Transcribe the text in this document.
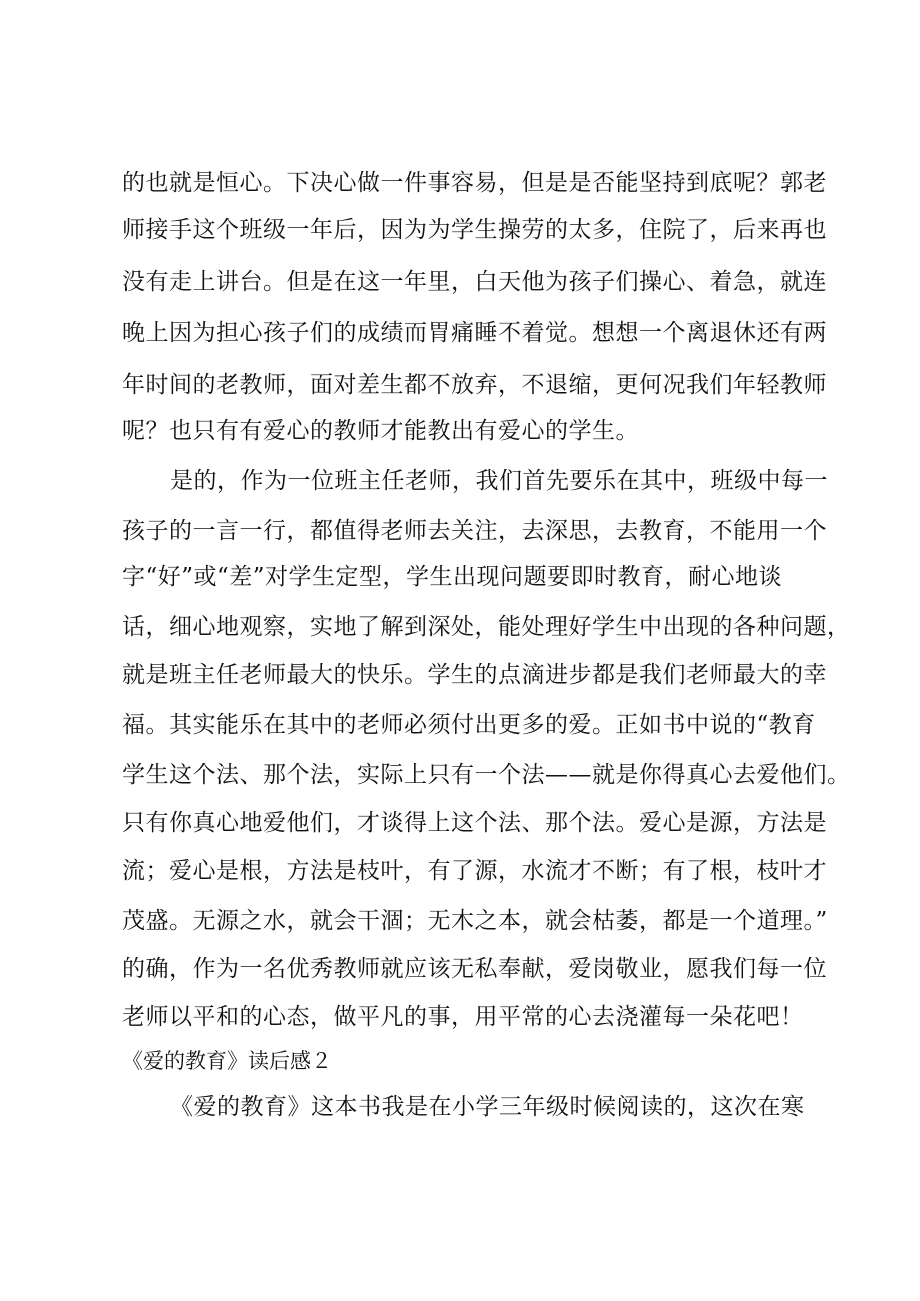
的也就是恒心。下决心做一件事容易，但是是否能坚持到底呢？郭老
师接手这个班级一年后，因为为学生操劳的太多，住院了，后来再也
没有走上讲台。但是在这一年里，白天他为孩子们操心、着急，就连
晚上因为担心孩子们的成绩而胃痛睡不着觉。想想一个离退休还有两
年时间的老教师，面对差生都不放弃，不退缩，更何况我们年轻教师
呢？也只有有爱心的教师才能教出有爱心的学生。
是的，作为一位班主任老师，我们首先要乐在其中，班级中每一
孩子的一言一行，都值得老师去关注，去深思，去教育，不能用一个
字“好”或“差”对学生定型，学生出现问题要即时教育，耐心地谈
话，细心地观察，实地了解到深处，能处理好学生中出现的各种问题，
就是班主任老师最大的快乐。学生的点滴进步都是我们老师最大的幸
福。其实能乐在其中的老师必须付出更多的爱。正如书中说的“教育
学生这个法、那个法，实际上只有一个法——就是你得真心去爱他们。
只有你真心地爱他们，才谈得上这个法、那个法。爱心是源，方法是
流；爱心是根，方法是枝叶，有了源，水流才不断；有了根，枝叶才
茂盛。无源之水，就会干涸；无木之本，就会枯萎，都是一个道理。”
的确，作为一名优秀教师就应该无私奉献，爱岗敬业，愿我们每一位
老师以平和的心态，做平凡的事，用平常的心去浇灌每一朵花吧！
《爱的教育》读后感２
《爱的教育》这本书我是在小学三年级时候阅读的，这次在寒
